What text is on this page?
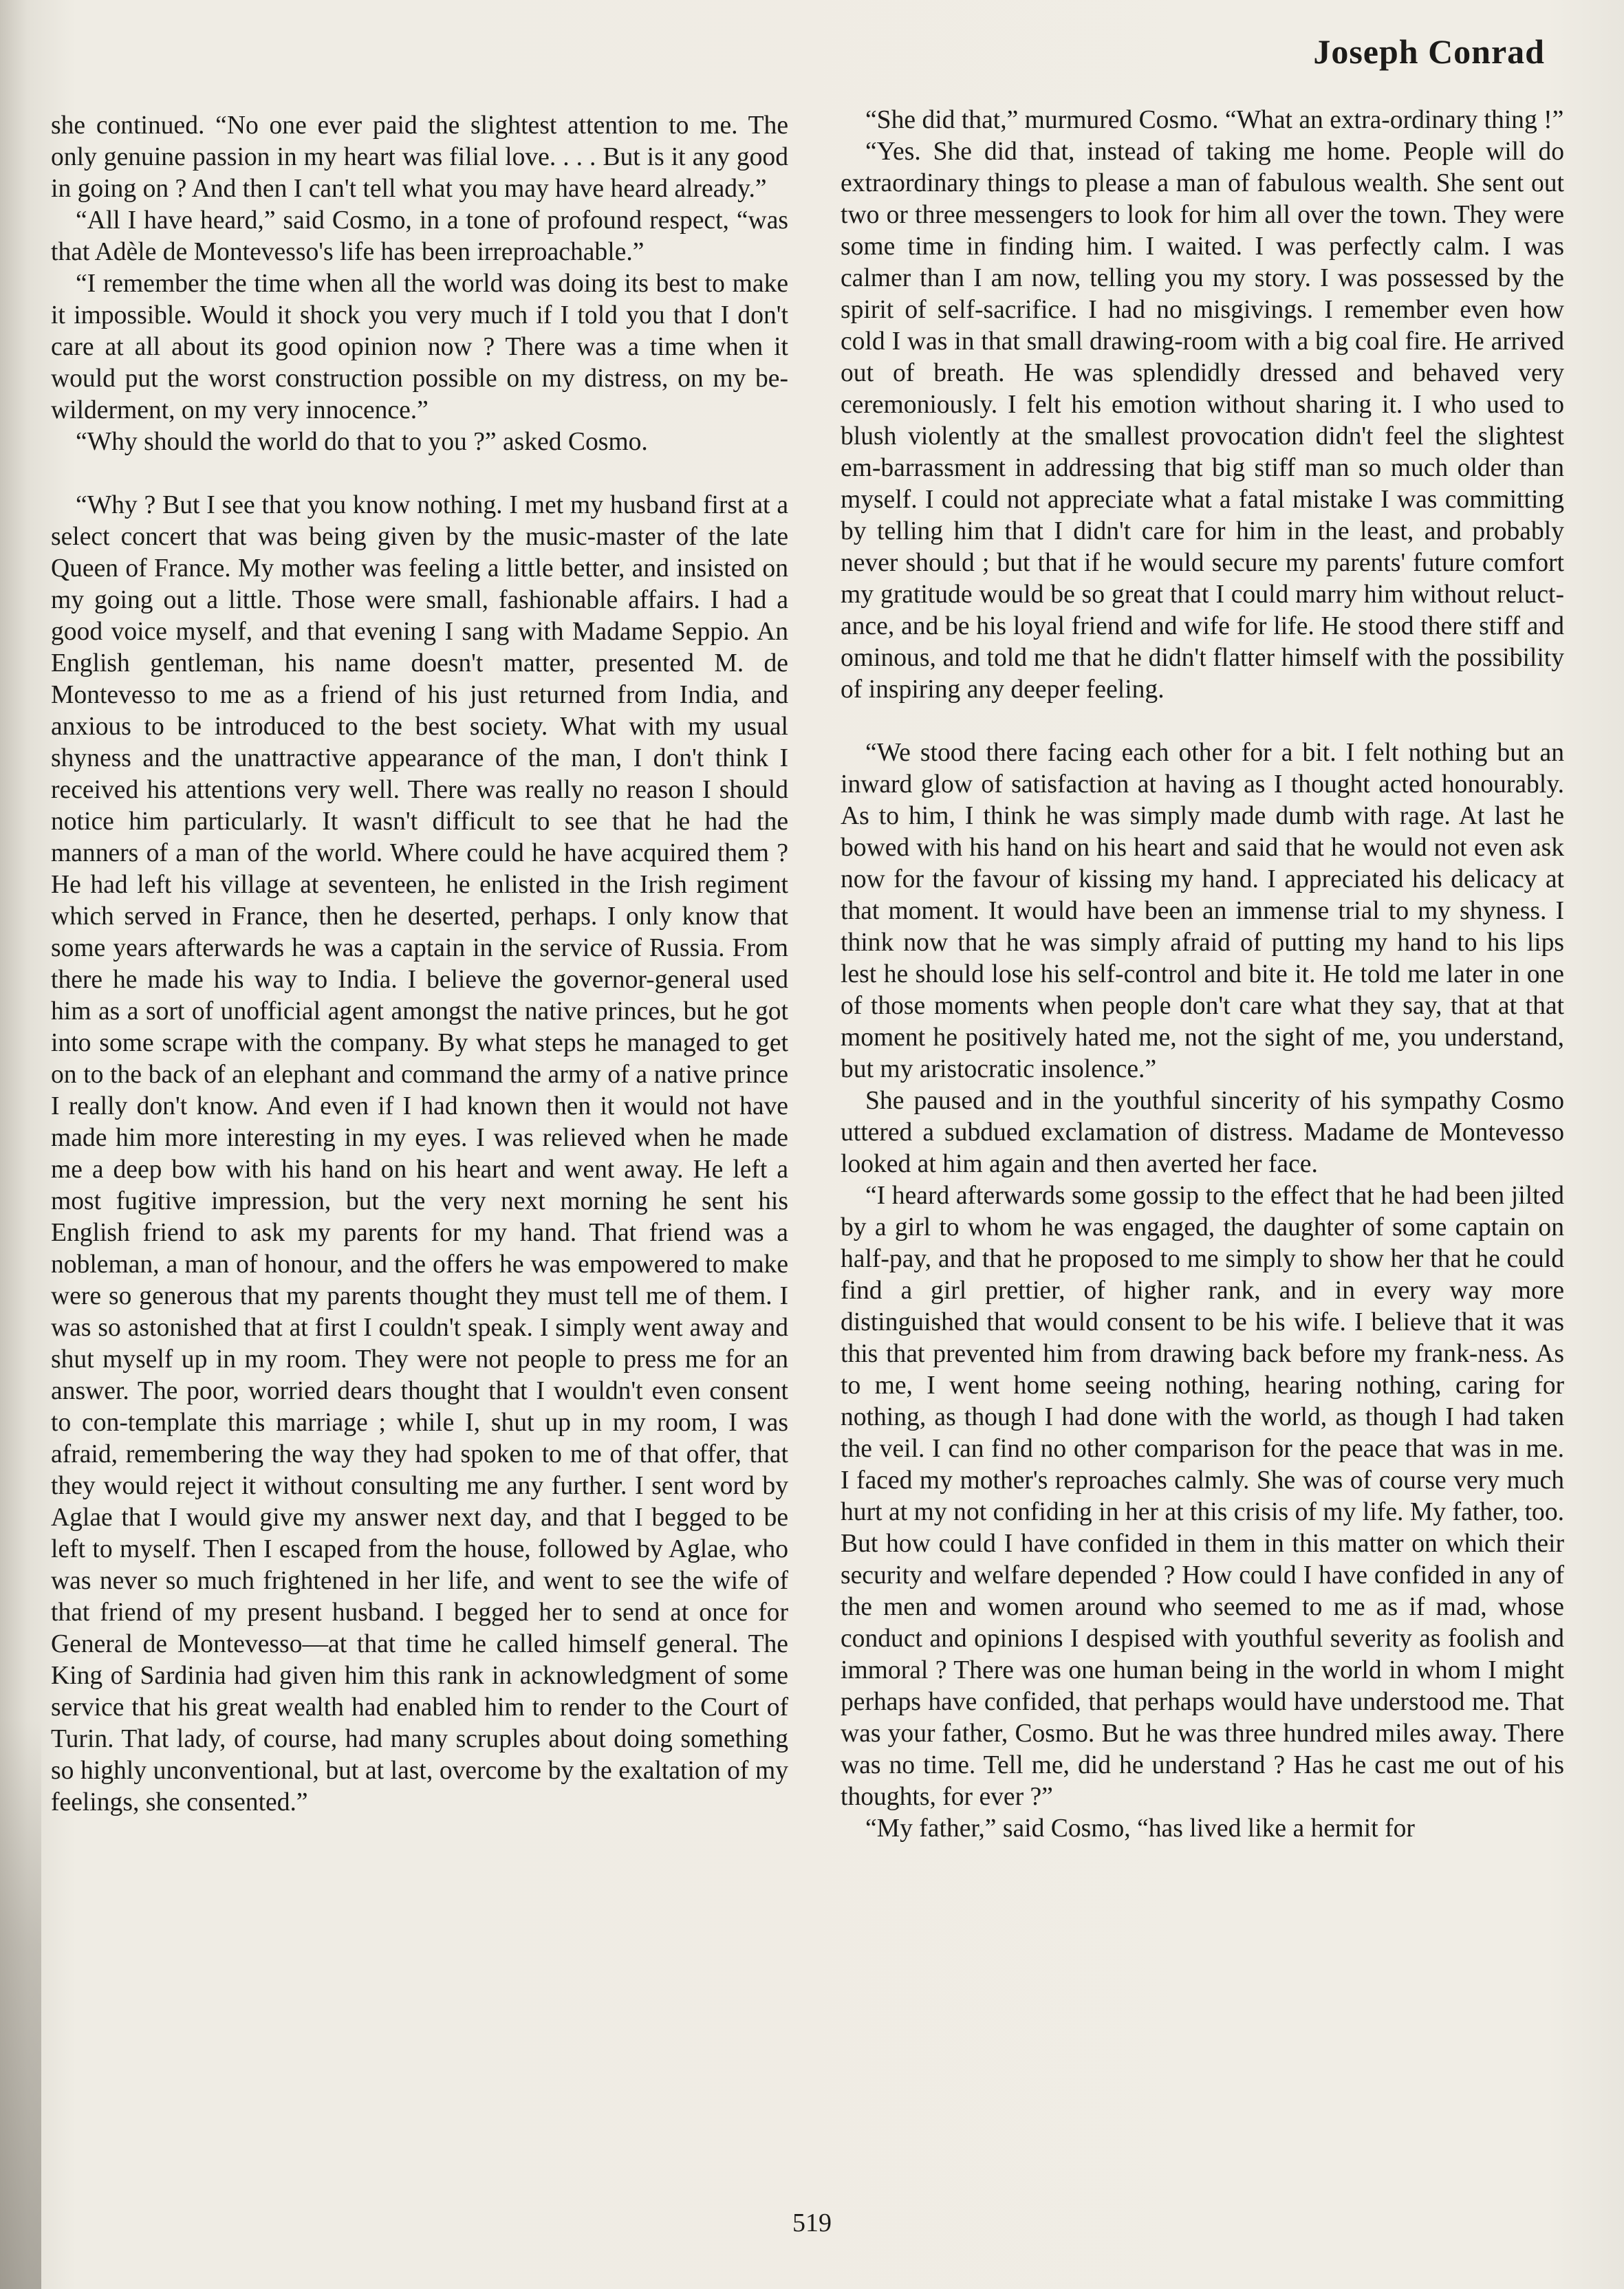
Joseph Conrad

she continued. “No one ever paid the slightest attention to me. The only genuine passion in my heart was filial love. . . . But is it any good in going on ? And then I can't tell what you may have heard already.”

“All I have heard,” said Cosmo, in a tone of profound respect, “was that Adèle de Montevesso's life has been irreproachable.”

“I remember the time when all the world was doing its best to make it impossible. Would it shock you very much if I told you that I don't care at all about its good opinion now ? There was a time when it would put the worst construction possible on my distress, on my be-wilderment, on my very innocence.”

“Why should the world do that to you ?” asked Cosmo.

“Why ? But I see that you know nothing. I met my husband first at a select concert that was being given by the music-master of the late Queen of France. My mother was feeling a little better, and insisted on my going out a little. Those were small, fashionable affairs. I had a good voice myself, and that evening I sang with Madame Seppio. An English gentleman, his name doesn't matter, presented M. de Montevesso to me as a friend of his just returned from India, and anxious to be introduced to the best society. What with my usual shyness and the unattractive appearance of the man, I don't think I received his attentions very well. There was really no reason I should notice him particularly. It wasn't difficult to see that he had the manners of a man of the world. Where could he have acquired them ? He had left his village at seventeen, he enlisted in the Irish regiment which served in France, then he deserted, perhaps. I only know that some years afterwards he was a captain in the service of Russia. From there he made his way to India. I believe the governor-general used him as a sort of unofficial agent amongst the native princes, but he got into some scrape with the company. By what steps he managed to get on to the back of an elephant and command the army of a native prince I really don't know. And even if I had known then it would not have made him more interesting in my eyes. I was relieved when he made me a deep bow with his hand on his heart and went away. He left a most fugitive impression, but the very next morning he sent his English friend to ask my parents for my hand. That friend was a nobleman, a man of honour, and the offers he was empowered to make were so generous that my parents thought they must tell me of them. I was so astonished that at first I couldn't speak. I simply went away and shut myself up in my room. They were not people to press me for an answer. The poor, worried dears thought that I wouldn't even consent to con-template this marriage ; while I, shut up in my room, I was afraid, remembering the way they had spoken to me of that offer, that they would reject it without consulting me any further. I sent word by Aglae that I would give my answer next day, and that I begged to be left to myself. Then I escaped from the house, followed by Aglae, who was never so much frightened in her life, and went to see the wife of that friend of my present husband. I begged her to send at once for General de Montevesso—at that time he called himself general. The King of Sardinia had given him this rank in acknowledgment of some service that his great wealth had enabled him to render to the Court of Turin. That lady, of course, had many scruples about doing something so highly unconventional, but at last, overcome by the exaltation of my feelings, she consented.”

“She did that,” murmured Cosmo. “What an extra-ordinary thing !”

“Yes. She did that, instead of taking me home. People will do extraordinary things to please a man of fabulous wealth. She sent out two or three messengers to look for him all over the town. They were some time in finding him. I waited. I was perfectly calm. I was calmer than I am now, telling you my story. I was possessed by the spirit of self-sacrifice. I had no misgivings. I remember even how cold I was in that small drawing-room with a big coal fire. He arrived out of breath. He was splendidly dressed and behaved very ceremoniously. I felt his emotion without sharing it. I who used to blush violently at the smallest provocation didn't feel the slightest em-barrassment in addressing that big stiff man so much older than myself. I could not appreciate what a fatal mistake I was committing by telling him that I didn't care for him in the least, and probably never should ; but that if he would secure my parents' future comfort my gratitude would be so great that I could marry him without reluct-ance, and be his loyal friend and wife for life. He stood there stiff and ominous, and told me that he didn't flatter himself with the possibility of inspiring any deeper feeling.

“We stood there facing each other for a bit. I felt nothing but an inward glow of satisfaction at having as I thought acted honourably. As to him, I think he was simply made dumb with rage. At last he bowed with his hand on his heart and said that he would not even ask now for the favour of kissing my hand. I appreciated his delicacy at that moment. It would have been an immense trial to my shyness. I think now that he was simply afraid of putting my hand to his lips lest he should lose his self-control and bite it. He told me later in one of those moments when people don't care what they say, that at that moment he positively hated me, not the sight of me, you understand, but my aristocratic insolence.”

She paused and in the youthful sincerity of his sympathy Cosmo uttered a subdued exclamation of distress. Madame de Montevesso looked at him again and then averted her face.

“I heard afterwards some gossip to the effect that he had been jilted by a girl to whom he was engaged, the daughter of some captain on half-pay, and that he proposed to me simply to show her that he could find a girl prettier, of higher rank, and in every way more distinguished that would consent to be his wife. I believe that it was this that prevented him from drawing back before my frank-ness. As to me, I went home seeing nothing, hearing nothing, caring for nothing, as though I had done with the world, as though I had taken the veil. I can find no other comparison for the peace that was in me. I faced my mother's reproaches calmly. She was of course very much hurt at my not confiding in her at this crisis of my life. My father, too. But how could I have confided in them in this matter on which their security and welfare depended ? How could I have confided in any of the men and women around who seemed to me as if mad, whose conduct and opinions I despised with youthful severity as foolish and immoral ? There was one human being in the world in whom I might perhaps have confided, that perhaps would have understood me. That was your father, Cosmo. But he was three hundred miles away. There was no time. Tell me, did he understand ? Has he cast me out of his thoughts, for ever ?”

“My father,” said Cosmo, “has lived like a hermit for

519
